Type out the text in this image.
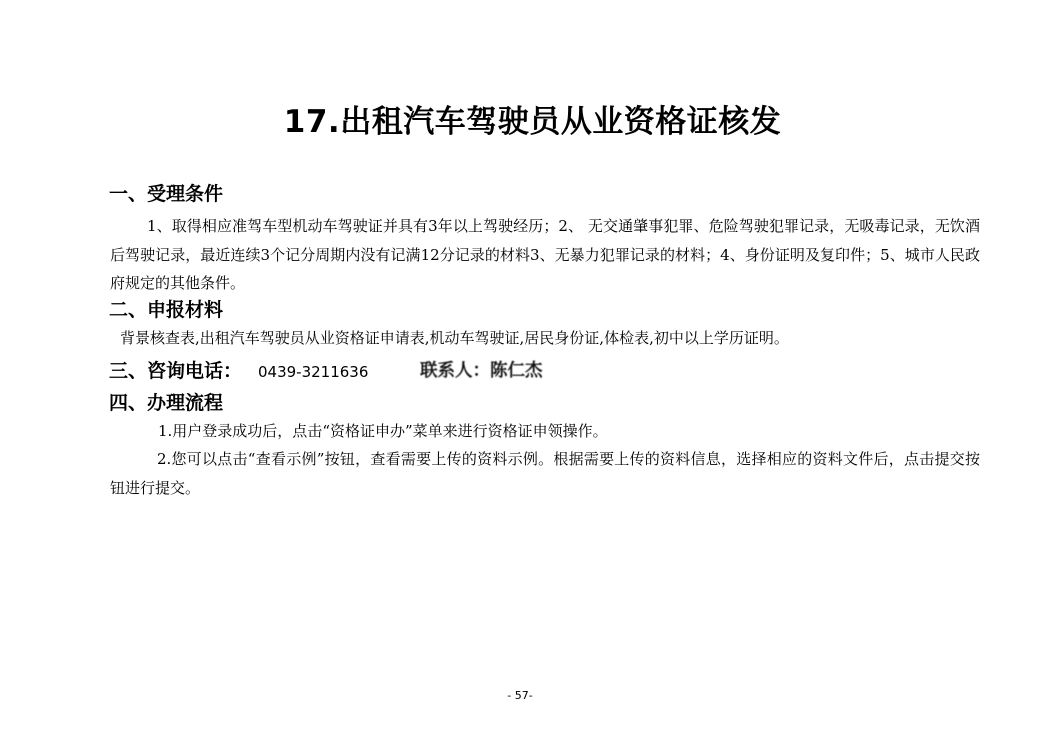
17.出租汽车驾驶员从业资格证核发
一、受理条件

1、取得相应准驾车型机动车驾驶证并具有3年以上驾驶经历；2、 无交通肇事犯罪、危险驾驶犯罪记录，无吸毒记录，无饮酒后驾驶记录，最近连续3个记分周期内没有记满12分记录的材料3、无暴力犯罪记录的材料；4、身份证明及复印件；5、城市人民政府规定的其他条件。

二、申报材料

背景核查表,出租汽车驾驶员从业资格证申请表,机动车驾驶证,居民身份证,体检表,初中以上学历证明。

三、咨询电话： 0439-3211636	联系人：陈仁杰
四、办理流程

1.用户登录成功后，点击“资格证申办”菜单来进行资格证申领操作。

2.您可以点击“查看示例”按钮，查看需要上传的资料示例。根据需要上传的资料信息，选择相应的资料文件后，点击提交按钮进行提交。

- 57-
